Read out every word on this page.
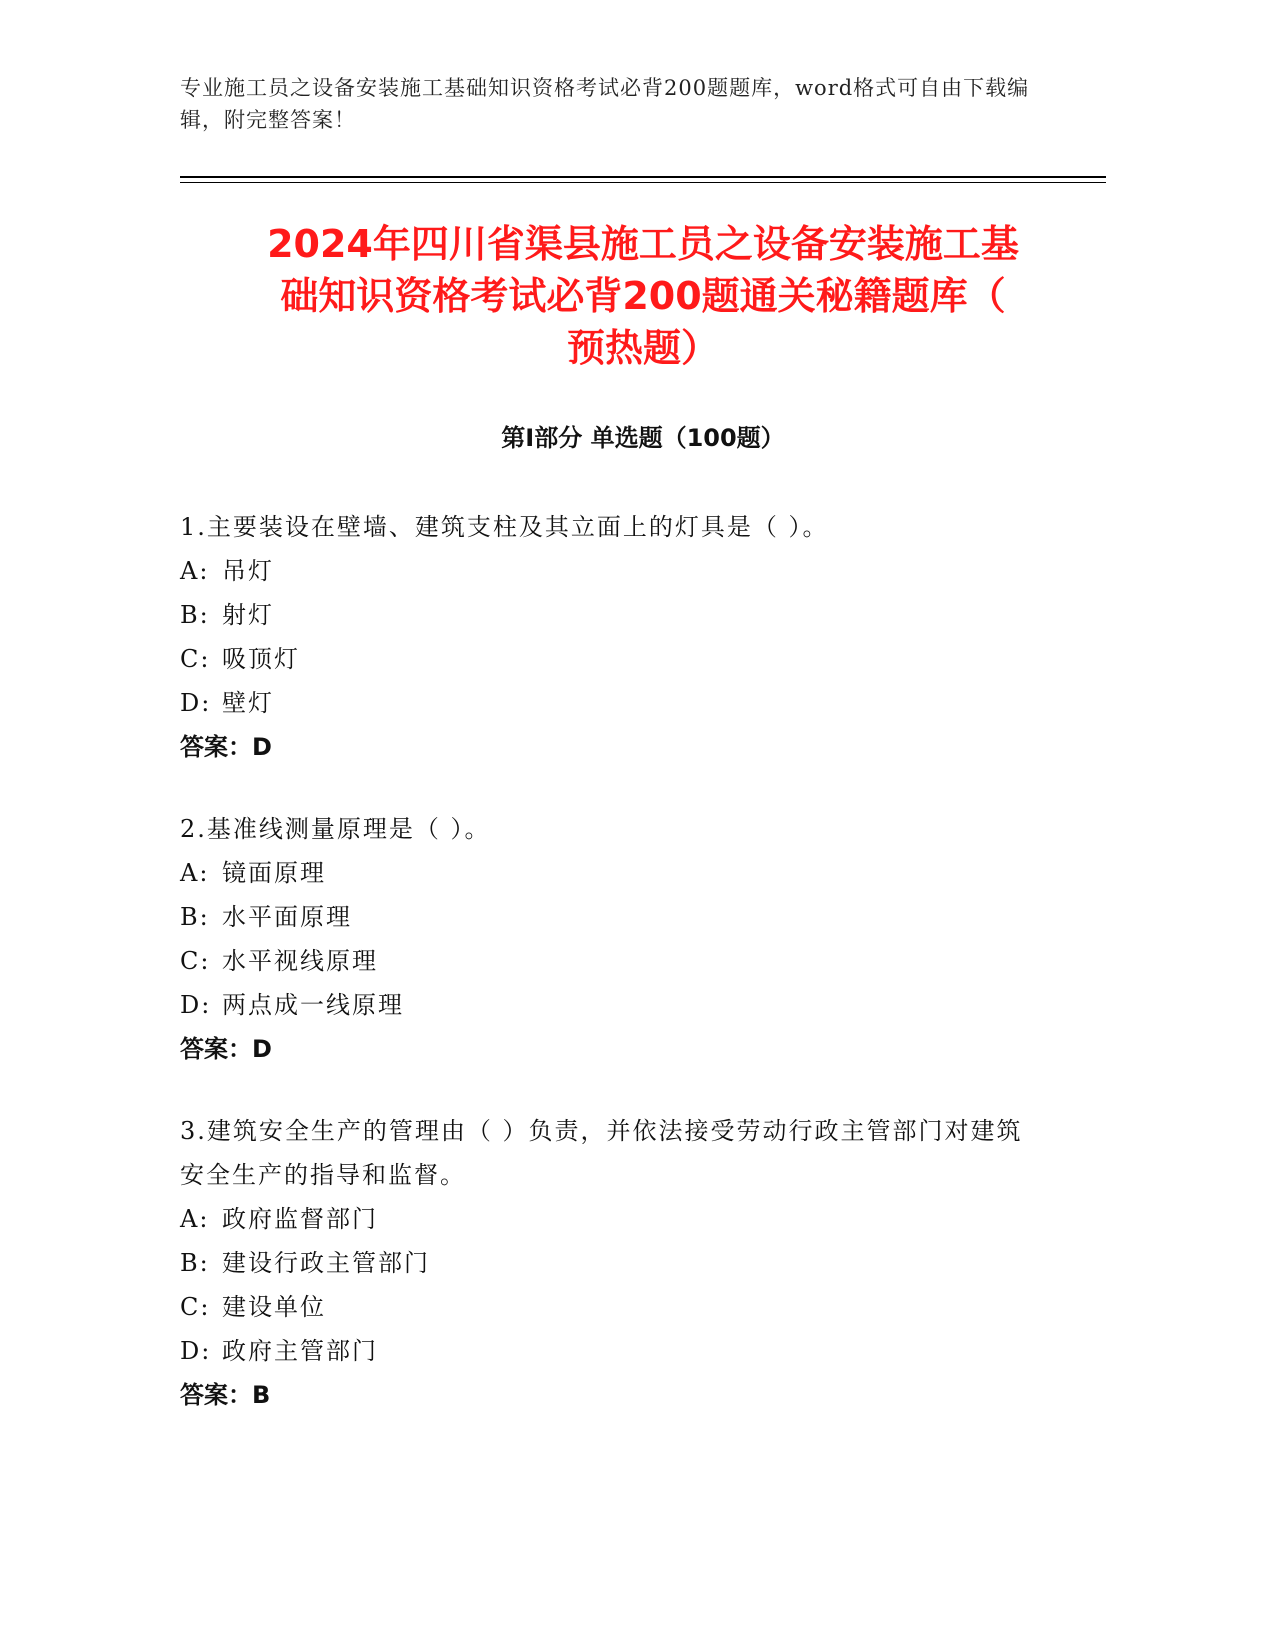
专业施工员之设备安装施工基础知识资格考试必背200题题库，word格式可自由下载编辑，附完整答案！
2024年四川省渠县施工员之设备安装施工基
础知识资格考试必背200题通关秘籍题库（
预热题）
第I部分 单选题（100题）
1.主要装设在壁墙、建筑支柱及其立面上的灯具是（ ）。
A: 吊灯
B: 射灯
C: 吸顶灯
D: 壁灯
答案：D
2.基准线测量原理是（ ）。
A: 镜面原理
B: 水平面原理
C: 水平视线原理
D: 两点成一线原理
答案：D
3.建筑安全生产的管理由（ ）负责，并依法接受劳动行政主管部门对建筑安全生产的指导和监督。
A: 政府监督部门
B: 建设行政主管部门
C: 建设单位
D: 政府主管部门
答案：B
